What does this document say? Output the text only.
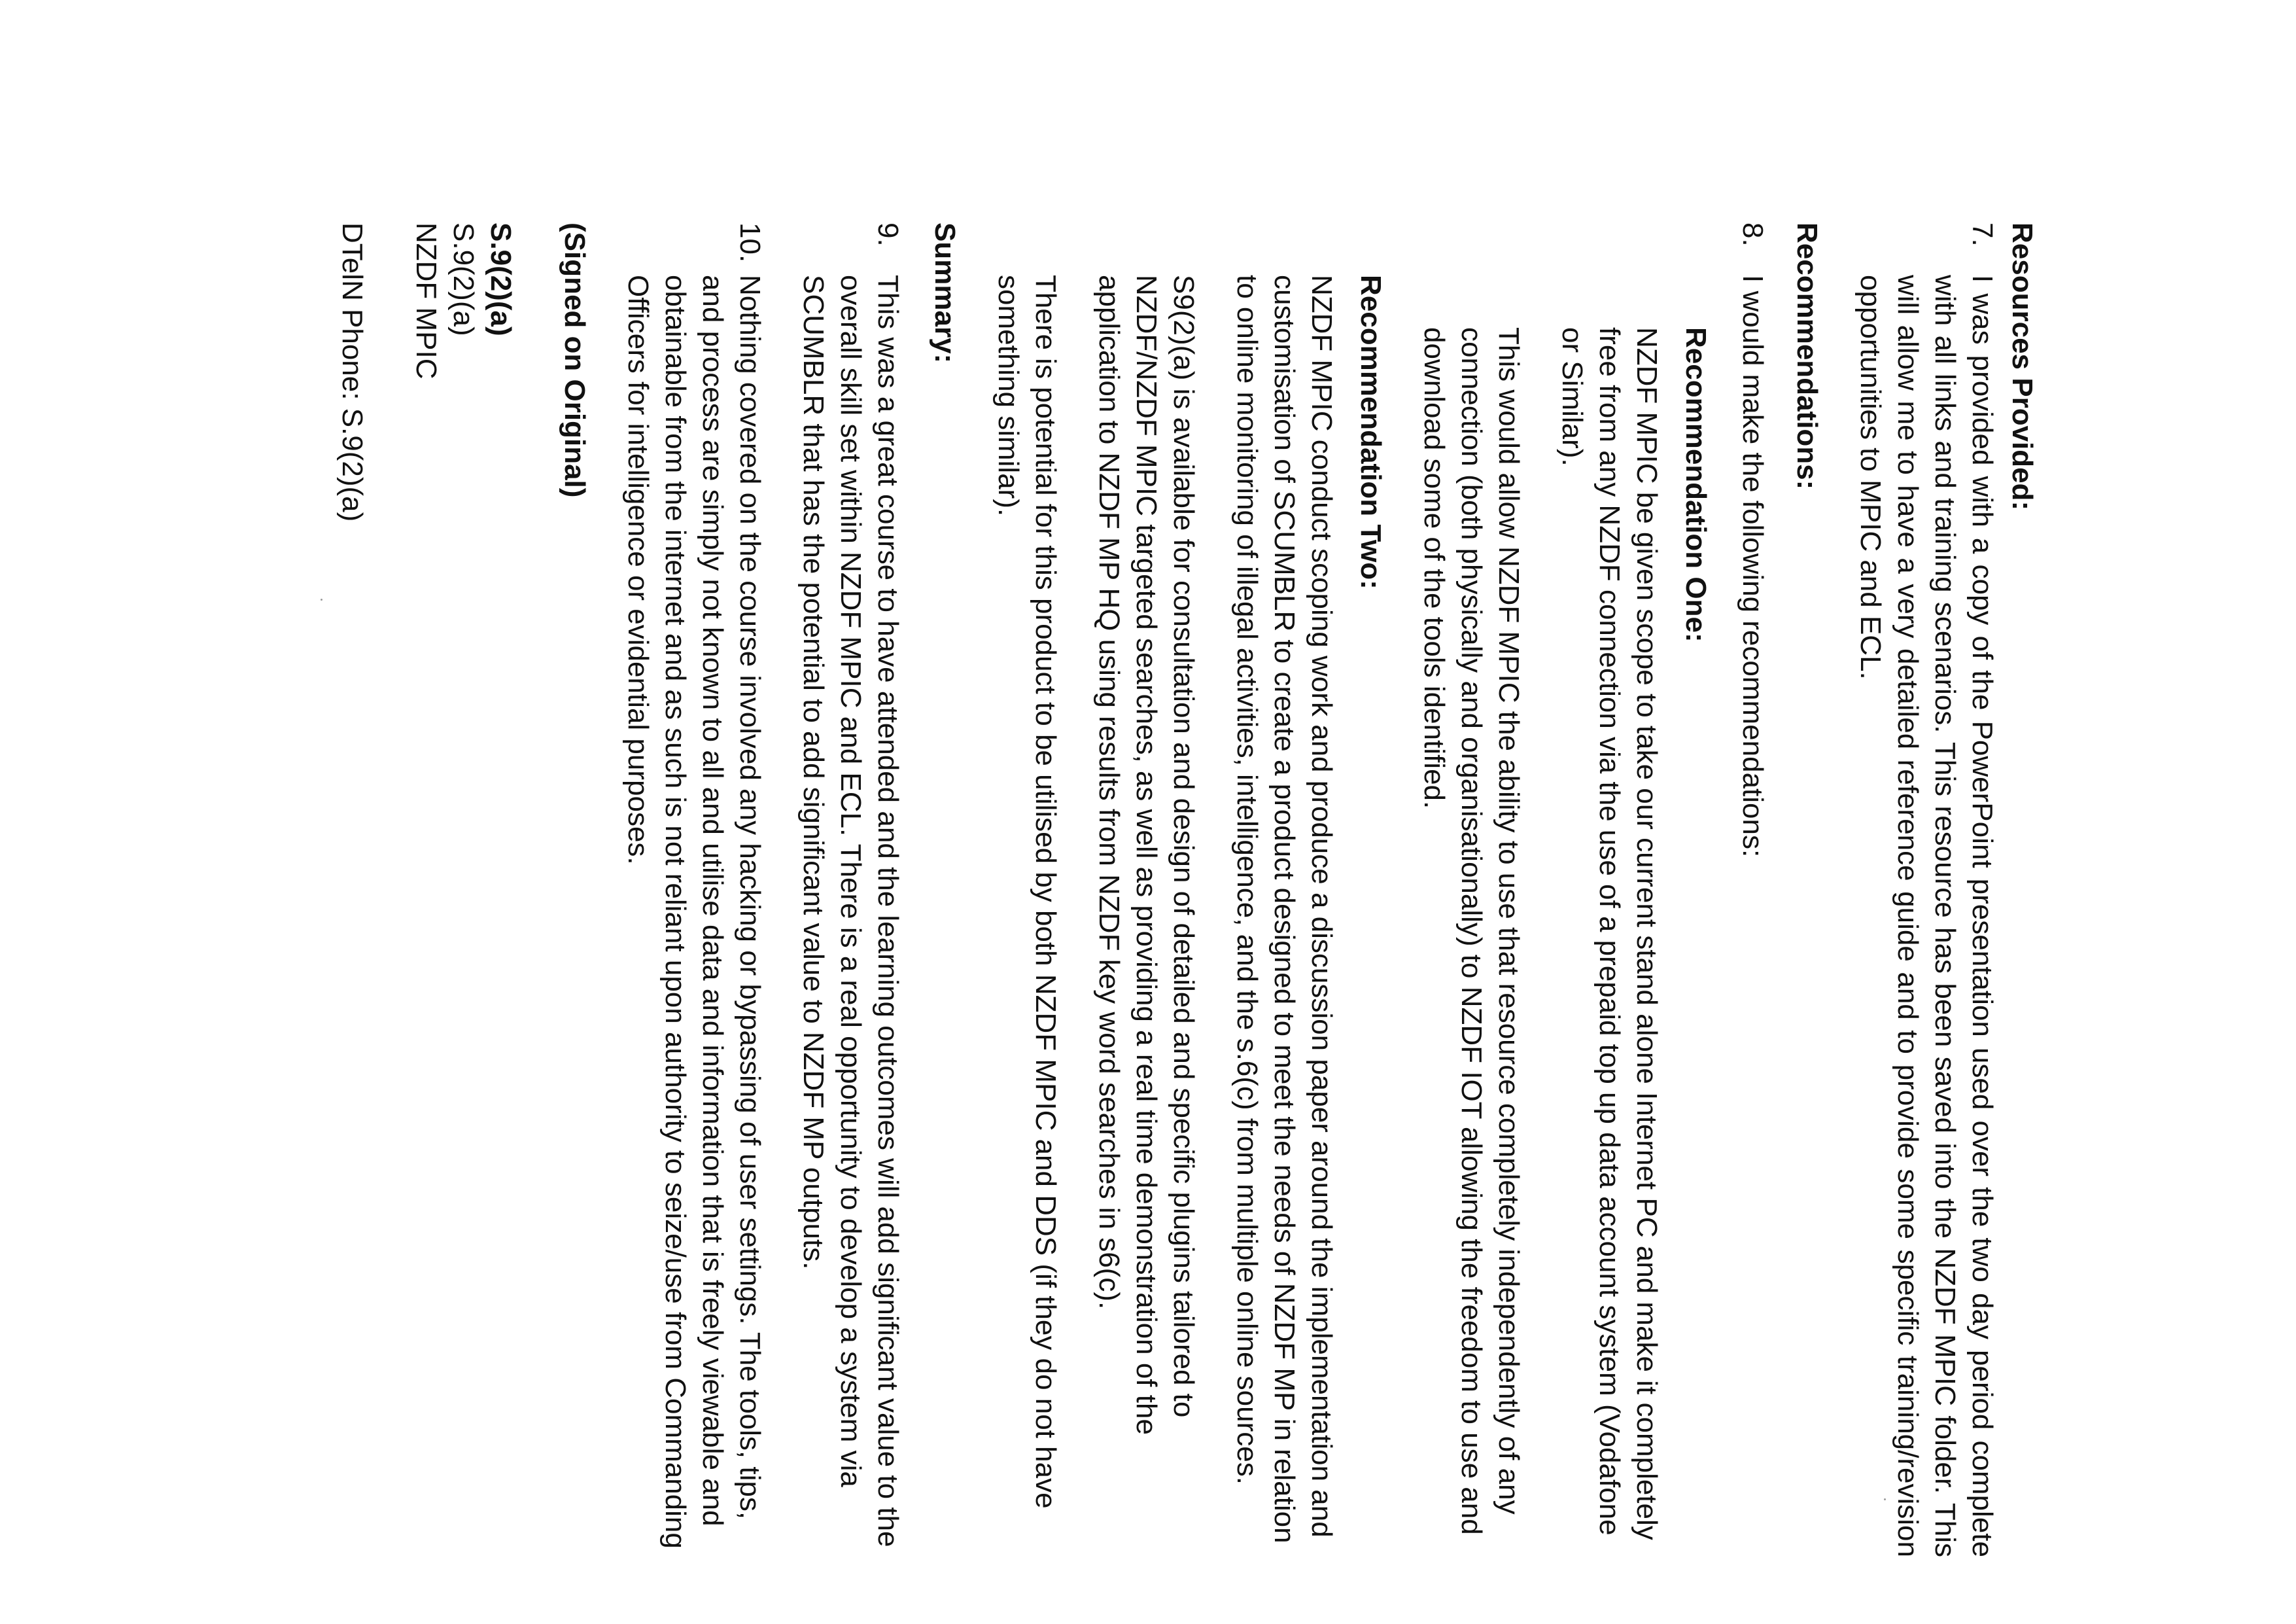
Resources Provided:
7.
I was provided with a copy of the PowerPoint presentation used over the two day period complete with all links and training scenarios. This resource has been saved into the NZDF MPIC folder. This will allow me to have a very detailed reference guide and to provide some specific training/revision opportunities to MPIC and ECL.
Recommendations:
8.
I would make the following recommendations:
Recommendation One:
NZDF MPIC be given scope to take our current stand alone Internet PC and make it completely free from any NZDF connection via the use of a prepaid top up data account system (Vodafone or Similar).
This would allow NZDF MPIC the ability to use that resource completely independently of any connection (both physically and organisationally) to NZDF IOT allowing the freedom to use and download some of the tools identified.
Recommendation Two:
NZDF MPIC conduct scoping work and produce a discussion paper around the implementation and customisation of SCUMBLR to create a product designed to meet the needs of NZDF MP in relation to online monitoring of illegal activities, intelligence, and the s.6(c) from multiple online sources.
S9(2)(a) is available for consultation and design of detailed and specific plugins tailored to NZDF/NZDF MPIC targeted searches, as well as providing a real time demonstration of the application to NZDF MP HQ using results from NZDF key word searches in s6(c).
There is potential for this product to be utilised by both NZDF MPIC and DDS (if they do not have something similar).
Summary:
9.
This was a great course to have attended and the learning outcomes will add significant value to the overall skill set within NZDF MPIC and ECL. There is a real opportunity to develop a system via SCUMBLR that has the potential to add significant value to NZDF MP outputs.
10.
Nothing covered on the course involved any hacking or bypassing of user settings. The tools, tips, and process are simply not known to all and utilise data and information that is freely viewable and obtainable from the internet and as such is not reliant upon authority to seize/use from Commanding Officers for intelligence or evidential purposes.
(Signed on Original)
S.9(2)(a)
S.9(2)(a)
NZDF MPIC
DTelN Phone: S.9(2)(a)
